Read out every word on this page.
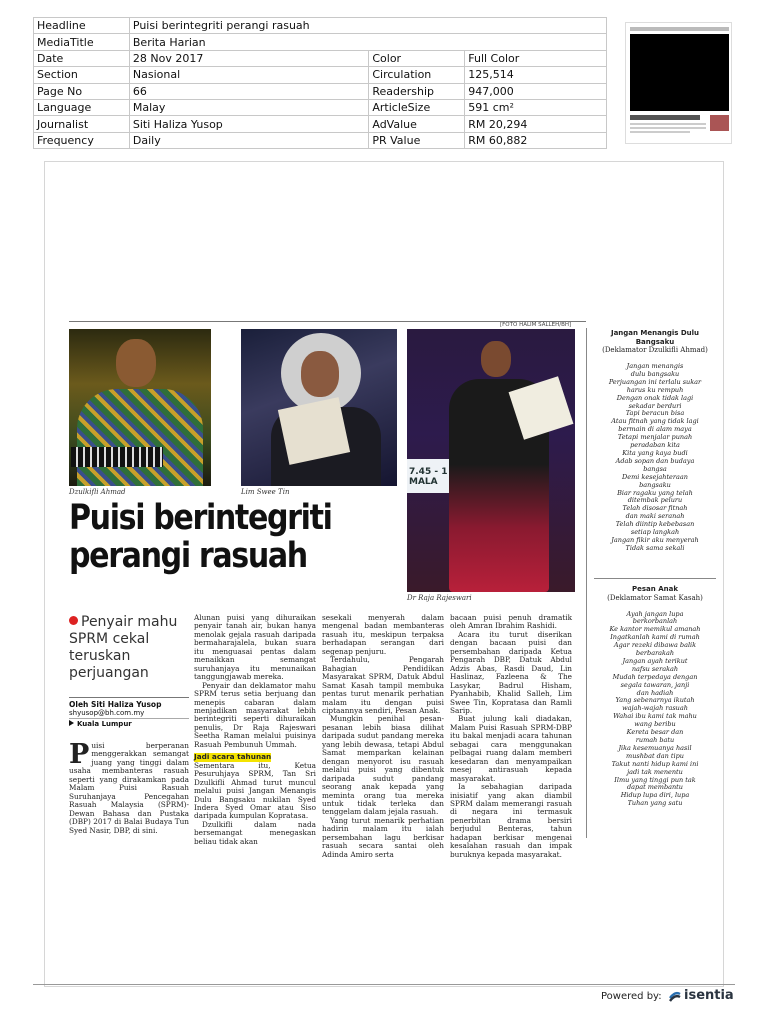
Headline	Puisi berintegriti perangi rasuah		
MediaTitle	Berita Harian		
Date	28 Nov 2017	Color	Full Color
Section	Nasional	Circulation	125,514
Page No	66	Readership	947,000
Language	Malay	ArticleSize	591 cm²
Journalist	Siti Haliza Yusop	AdValue	RM 20,294
Frequency	Daily	PR Value	RM 60,882
[FOTO HALIM SALLEH/BH]
Dzulkifli Ahmad	Lim Swee Tin
7.45 - 1
MALA
Dr Raja Rajeswari
Puisi berintegriti
perangi rasuah
Penyair mahu SPRM cekal teruskan perjuangan
Oleh Siti Haliza Yusop
shyusop@bh.com.my
Kuala Lumpur
Puisi berperanan menggerakkan semangat juang yang tinggi dalam usaha membanteras rasuah seperti yang dirakamkan pada Malam Puisi Rasuah Suruhanjaya Pencegahan Rasuah Malaysia (SPRM)-Dewan Bahasa dan Pustaka (DBP) 2017 di Balai Budaya Tun Syed Nasir, DBP, di sini.

Alunan puisi yang dihuraikan penyair tanah air, bukan hanya menolak gejala rasuah daripada bermaharajalela, bukan suara itu menguasai pentas dalam menaikkan semangat suruhanjaya itu menunaikan tanggungjawab mereka.

Penyair dan deklamator mahu SPRM terus setia berjuang dan menepis cabaran dalam menjadikan masyarakat lebih berintegriti seperti dihuraikan penulis, Dr Raja Rajeswari Seetha Raman melalui puisinya Rasuah Pembunuh Ummah.

Jadi acara tahunan

Sementara itu, Ketua Pesuruhjaya SPRM, Tan Sri Dzulkifli Ahmad turut muncul melalui puisi Jangan Menangis Dulu Bangsaku nukilan Syed Indera Syed Omar atau Siso daripada kumpulan Kopratasa.

Dzulkifli dalam nada bersemangat menegaskan beliau tidak akan

sesekali menyerah dalam mengenal badan membanteras rasuah itu, meskipun terpaksa berhadapan serangan dari segenap penjuru.

Terdahulu, Pengarah Bahagian Pendidikan Masyarakat SPRM, Datuk Abdul Samat Kasah tampil membuka pentas turut menarik perhatian malam itu dengan puisi ciptaannya sendiri, Pesan Anak.

Mungkin penihal pesan-pesanan lebih biasa dilihat daripada sudut pandang mereka yang lebih dewasa, tetapi Abdul Samat memparkan kelainan dengan menyorot isu rasuah melalui puisi yang dibentuk daripada sudut pandang seorang anak kepada yang meminta orang tua mereka untuk tidak terleka dan tenggelam dalam jejala rasuah.

Yang turut menarik perhatian hadirin malam itu ialah persembahan lagu berkisar rasuah secara santai oleh Adinda Amiro serta

bacaan puisi penuh dramatik oleh Amran Ibrahim Rashidi.

Acara itu turut diserikan dengan bacaan puisi dan persembahan daripada Ketua Pengarah DBP, Datuk Abdul Adzis Abas, Rasdi Daud, Lin Haslinaz, Fazleena & The Lasykar, Badrul Hisham, Pyanhabib, Khalid Salleh, Lim Swee Tin, Kopratasa dan Ramli Sarip.

Buat julung kali diadakan, Malam Puisi Rasuah SPRM-DBP itu bakal menjadi acara tahunan sebagai cara menggunakan pelbagai ruang dalam memberi kesedaran dan menyampaikan mesej antirasuah kepada masyarakat.

Ia sebahagian daripada inisiatif yang akan diambil SPRM dalam memerangi rasuah di negara ini termasuk penerbitan drama bersiri berjudul Benteras, tahun hadapan berkisar mengenai kesalahan rasuah dan impak buruknya kepada masyarakat.

Jangan Menangis Dulu Bangsaku
(Deklamator Dzulkifli Ahmad)
Jangan menangis
dulu bangsaku
Perjuangan ini terlalu sukar
harus ku rempuh
Dengan onak tidak lagi
sekadar berduri
Tapi beracun bisa
Atau fitnah yang tidak lagi
bermain di alam maya
Tetapi menjalar punah
peradaban kita
Kita yang kaya budi
Adab sopan dan budaya
bangsa
Demi kesejahteraan
bangsaku
Biar ragaku yang telah
ditembak peluru
Telah disosar fitnah
dan maki seranah
Telah diintip kebebasan
setiap langkah
Jangan fikir aku menyerah
Tidak sama sekali
Pesan Anak
(Deklamator Samat Kasah)
Ayah jangan lupa
berkorbanlah
Ke kantor memikul amanah
Ingatkanlah kami di rumah
Agar rezeki dibawa balik
berbarakah
Jangan ayah terikut
nafsu serakah
Mudah terpedaya dengan
segala tawaran, janji
dan hadiah
Yang sebenarnya ikutah
wajah-wajah rasuah
Wahai ibu kami tak mahu
wang beribu
Kereta besar dan
rumah batu
Jika kesemuanya hasil
mushbat dan tipu
Takut nanti hidup kami ini
jadi tak menentu
Ilmu yang tinggi pun tak
dapat membantu
Hidup lupa diri, lupa
Tuhan yang satu
Powered by: isentia
